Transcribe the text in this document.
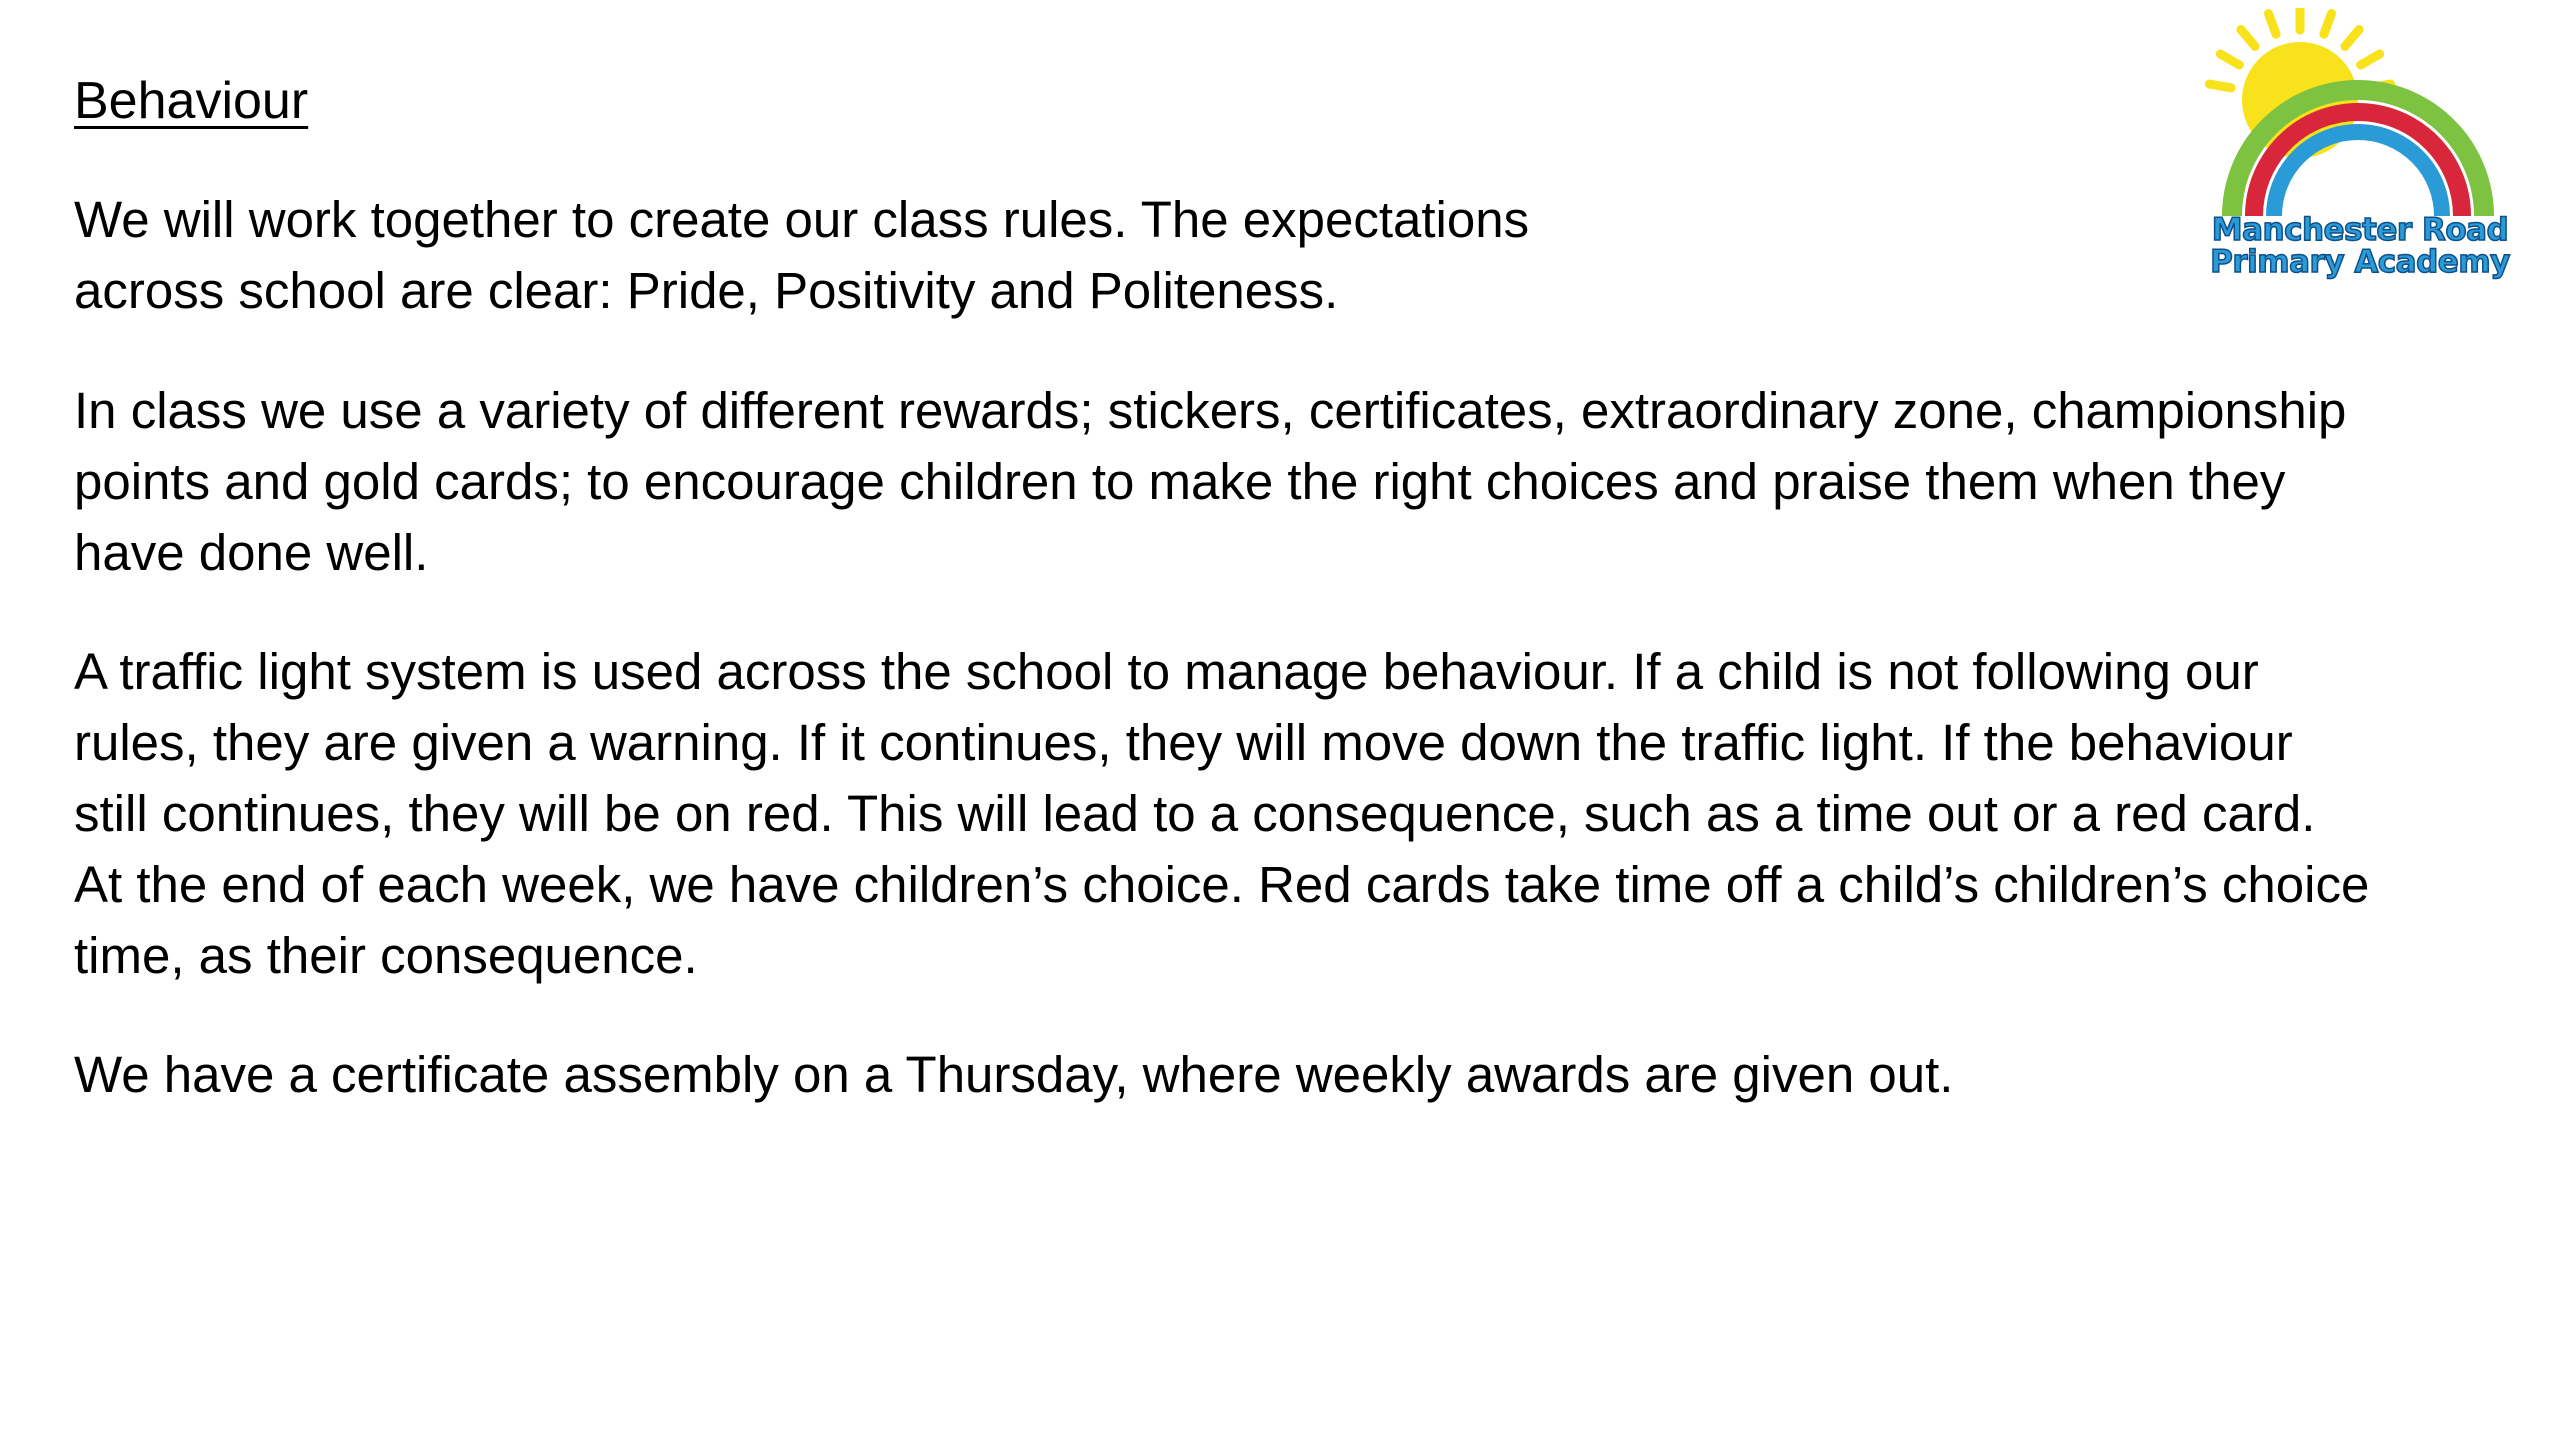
Behaviour

We will work together to create our class rules. The expectations
across school are clear: Pride, Positivity and Politeness.

In class we use a variety of different rewards; stickers, certificates, extraordinary zone, championship
points and gold cards; to encourage children to make the right choices and praise them when they
have done well.

A traffic light system is used across the school to manage behaviour. If a child is not following our
rules, they are given a warning. If it continues, they will move down the traffic light. If the behaviour
still continues, they will be on red. This will lead to a consequence, such as a time out or a red card.
At the end of each week, we have children’s choice. Red cards take time off a child’s children’s choice
time, as their consequence.

We have a certificate assembly on a Thursday, where weekly awards are given out.

Manchester Road
Primary Academy
